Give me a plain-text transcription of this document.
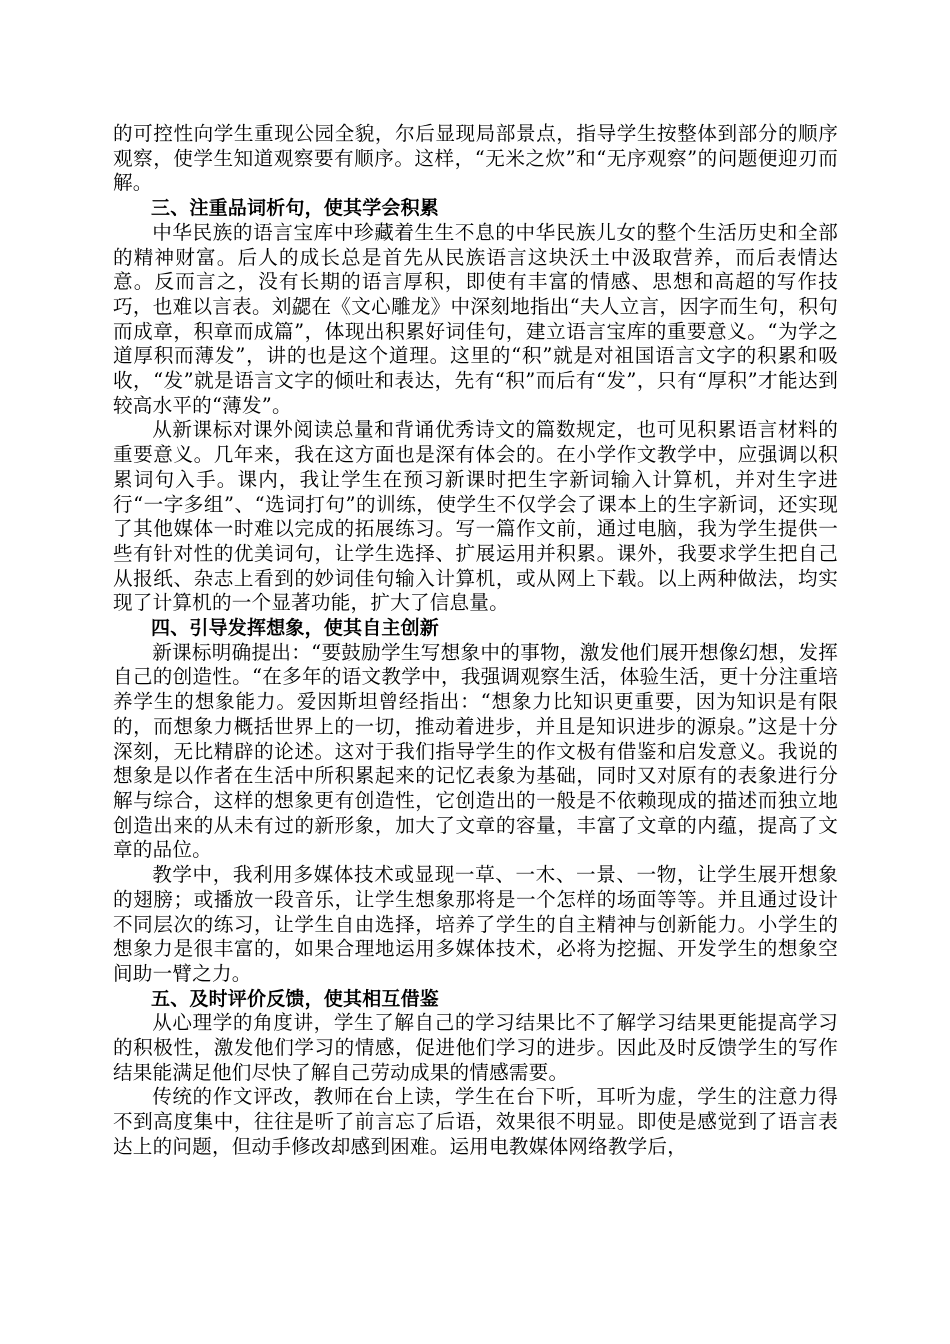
的可控性向学生重现公园全貌，尔后显现局部景点，指导学生按整体到部分的顺序观察，使学生知道观察要有顺序。这样，“无米之炊”和“无序观察”的问题便迎刃而解。

三、注重品词析句，使其学会积累

中华民族的语言宝库中珍藏着生生不息的中华民族儿女的整个生活历史和全部的精神财富。后人的成长总是首先从民族语言这块沃土中汲取营养，而后表情达意。反而言之，没有长期的语言厚积，即使有丰富的情感、思想和高超的写作技巧，也难以言表。刘勰在《文心雕龙》中深刻地指出“夫人立言，因字而生句，积句而成章，积章而成篇”，体现出积累好词佳句，建立语言宝库的重要意义。“为学之道厚积而薄发”，讲的也是这个道理。这里的“积”就是对祖国语言文字的积累和吸收，“发”就是语言文字的倾吐和表达，先有“积”而后有“发”，只有“厚积”才能达到较高水平的“薄发”。

从新课标对课外阅读总量和背诵优秀诗文的篇数规定，也可见积累语言材料的重要意义。几年来，我在这方面也是深有体会的。在小学作文教学中，应强调以积累词句入手。课内，我让学生在预习新课时把生字新词输入计算机，并对生字进行“一字多组”、“选词打句”的训练，使学生不仅学会了课本上的生字新词，还实现了其他媒体一时难以完成的拓展练习。写一篇作文前，通过电脑，我为学生提供一些有针对性的优美词句，让学生选择、扩展运用并积累。课外，我要求学生把自己从报纸、杂志上看到的妙词佳句输入计算机，或从网上下载。以上两种做法，均实现了计算机的一个显著功能，扩大了信息量。

四、引导发挥想象，使其自主创新

新课标明确提出：“要鼓励学生写想象中的事物，激发他们展开想像幻想，发挥自己的创造性。“在多年的语文教学中，我强调观察生活，体验生活，更十分注重培养学生的想象能力。爱因斯坦曾经指出：“想象力比知识更重要，因为知识是有限的，而想象力概括世界上的一切，推动着进步，并且是知识进步的源泉。”这是十分深刻，无比精辟的论述。这对于我们指导学生的作文极有借鉴和启发意义。我说的想象是以作者在生活中所积累起来的记忆表象为基础，同时又对原有的表象进行分解与综合，这样的想象更有创造性，它创造出的一般是不依赖现成的描述而独立地创造出来的从未有过的新形象，加大了文章的容量，丰富了文章的内蕴，提高了文章的品位。

教学中，我利用多媒体技术或显现一草、一木、一景、一物，让学生展开想象的翅膀；或播放一段音乐，让学生想象那将是一个怎样的场面等等。并且通过设计不同层次的练习，让学生自由选择，培养了学生的自主精神与创新能力。小学生的想象力是很丰富的，如果合理地运用多媒体技术，必将为挖掘、开发学生的想象空间助一臂之力。

五、及时评价反馈，使其相互借鉴

从心理学的角度讲，学生了解自己的学习结果比不了解学习结果更能提高学习的积极性，激发他们学习的情感，促进他们学习的进步。因此及时反馈学生的写作结果能满足他们尽快了解自己劳动成果的情感需要。

传统的作文评改，教师在台上读，学生在台下听，耳听为虚，学生的注意力得不到高度集中，往往是听了前言忘了后语，效果很不明显。即使是感觉到了语言表达上的问题，但动手修改却感到困难。运用电教媒体网络教学后，
